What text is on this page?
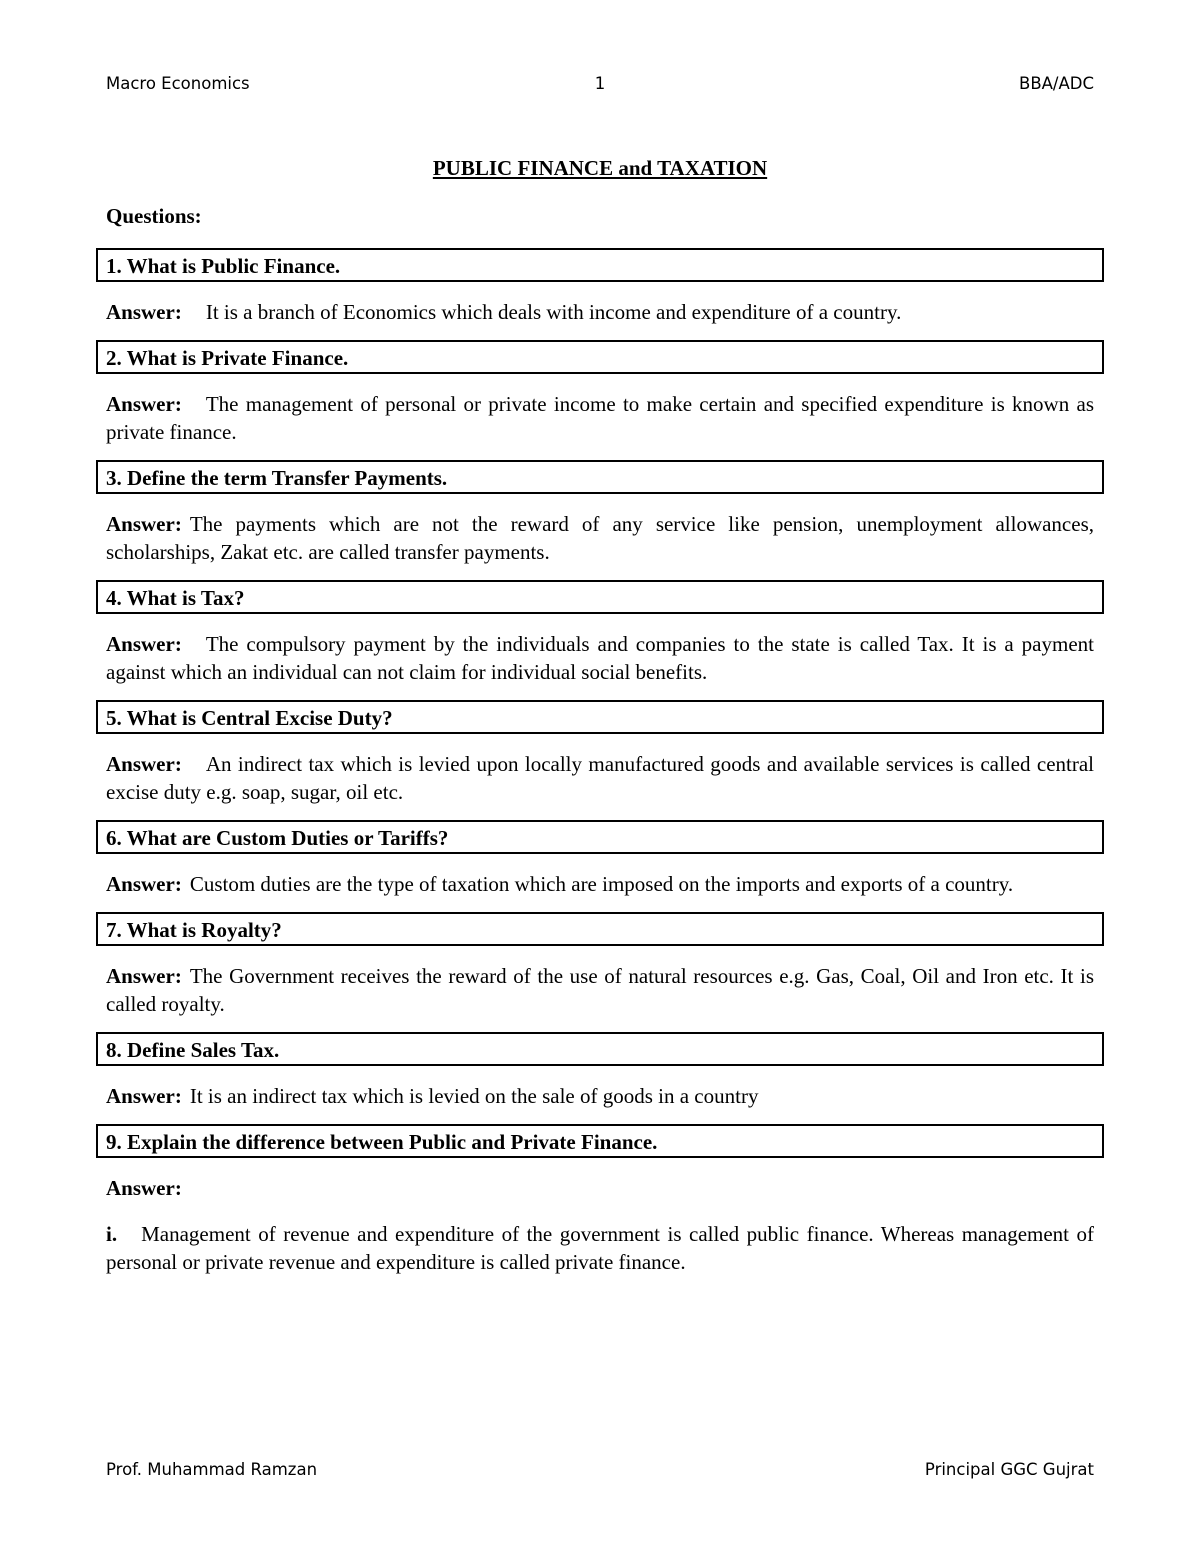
Macro Economics	1	BBA/ADC
PUBLIC FINANCE and TAXATION
Questions:
1. What is Public Finance.
Answer: It is a branch of Economics which deals with income and expenditure of a country.
2. What is Private Finance.
Answer: The management of personal or private income to make certain and specified expenditure is known as private finance.
3. Define the term Transfer Payments.
Answer: The payments which are not the reward of any service like pension, unemployment allowances, scholarships, Zakat etc. are called transfer payments.
4. What is Tax?
Answer: The compulsory payment by the individuals and companies to the state is called Tax. It is a payment against which an individual can not claim for individual social benefits.
5. What is Central Excise Duty?
Answer: An indirect tax which is levied upon locally manufactured goods and available services is called central excise duty e.g. soap, sugar, oil etc.
6. What are Custom Duties or Tariffs?
Answer: Custom duties are the type of taxation which are imposed on the imports and exports of a country.
7. What is Royalty?
Answer: The Government receives the reward of the use of natural resources e.g. Gas, Coal, Oil and Iron etc. It is called royalty.
8. Define Sales Tax.
Answer: It is an indirect tax which is levied on the sale of goods in a country
9. Explain the difference between Public and Private Finance.
Answer:
i. Management of revenue and expenditure of the government is called public finance. Whereas management of personal or private revenue and expenditure is called private finance.
Prof. Muhammad Ramzan	Principal GGC Gujrat
